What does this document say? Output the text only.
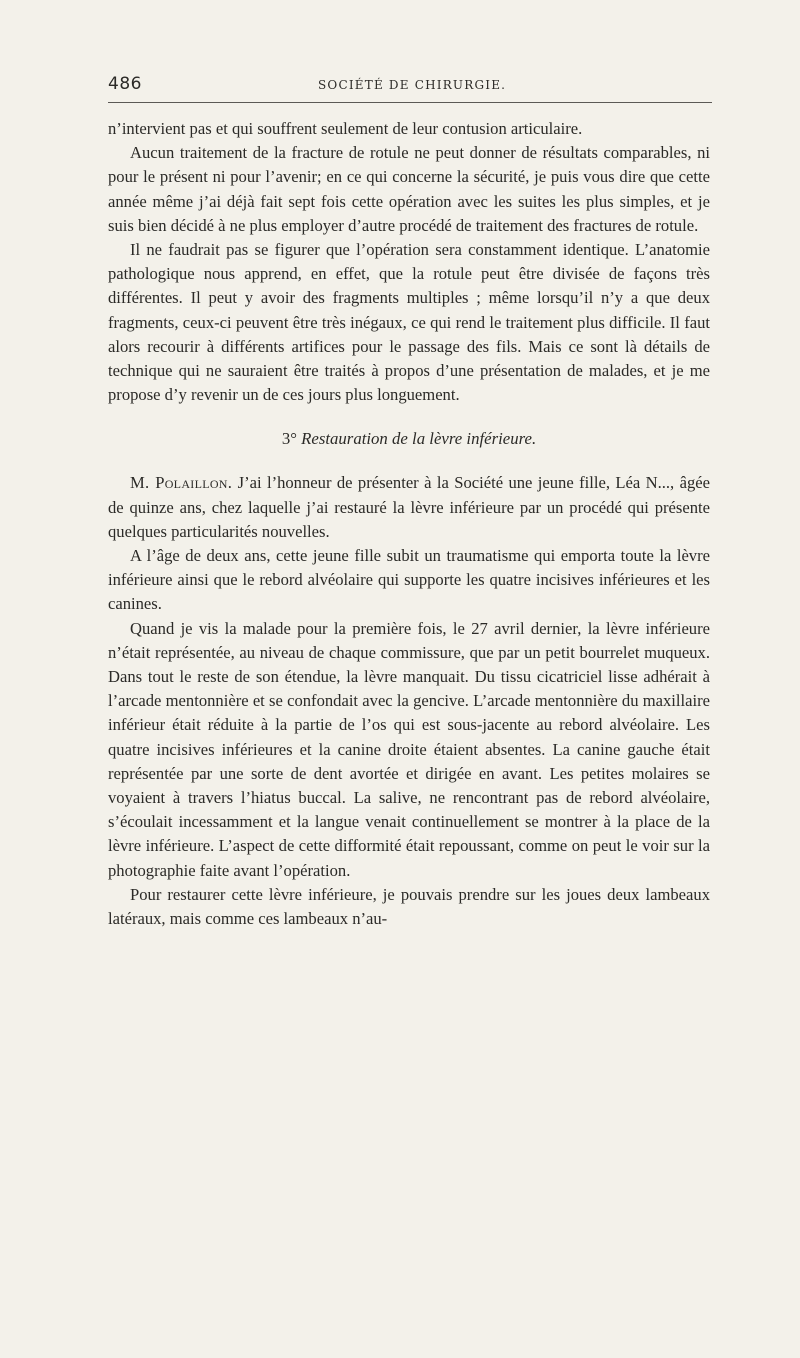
486	SOCIÉTÉ DE CHIRURGIE.

n’intervient pas et qui souffrent seulement de leur contusion articulaire.

Aucun traitement de la fracture de rotule ne peut donner de résultats comparables, ni pour le présent ni pour l’avenir; en ce qui concerne la sécurité, je puis vous dire que cette année même j’ai déjà fait sept fois cette opération avec les suites les plus simples, et je suis bien décidé à ne plus employer d’autre procédé de traitement des fractures de rotule.

Il ne faudrait pas se figurer que l’opération sera constamment identique. L’anatomie pathologique nous apprend, en effet, que la rotule peut être divisée de façons très différentes. Il peut y avoir des fragments multiples ; même lorsqu’il n’y a que deux fragments, ceux-ci peuvent être très inégaux, ce qui rend le traitement plus difficile. Il faut alors recourir à différents artifices pour le passage des fils. Mais ce sont là détails de technique qui ne sauraient être traités à propos d’une présentation de malades, et je me propose d’y revenir un de ces jours plus longuement.

3° Restauration de la lèvre inférieure.

M. Polaillon. J’ai l’honneur de présenter à la Société une jeune fille, Léa N..., âgée de quinze ans, chez laquelle j’ai restauré la lèvre inférieure par un procédé qui présente quelques particularités nouvelles.

A l’âge de deux ans, cette jeune fille subit un traumatisme qui emporta toute la lèvre inférieure ainsi que le rebord alvéolaire qui supporte les quatre incisives inférieures et les canines.

Quand je vis la malade pour la première fois, le 27 avril dernier, la lèvre inférieure n’était représentée, au niveau de chaque commissure, que par un petit bourrelet muqueux. Dans tout le reste de son étendue, la lèvre manquait. Du tissu cicatriciel lisse adhérait à l’arcade mentonnière et se confondait avec la gencive. L’arcade mentonnière du maxillaire inférieur était réduite à la partie de l’os qui est sous-jacente au rebord alvéolaire. Les quatre incisives inférieures et la canine droite étaient absentes. La canine gauche était représentée par une sorte de dent avortée et dirigée en avant. Les petites molaires se voyaient à travers l’hiatus buccal. La salive, ne rencontrant pas de rebord alvéolaire, s’écoulait incessamment et la langue venait continuellement se montrer à la place de la lèvre inférieure. L’aspect de cette difformité était repoussant, comme on peut le voir sur la photographie faite avant l’opération.

Pour restaurer cette lèvre inférieure, je pouvais prendre sur les joues deux lambeaux latéraux, mais comme ces lambeaux n’au-
